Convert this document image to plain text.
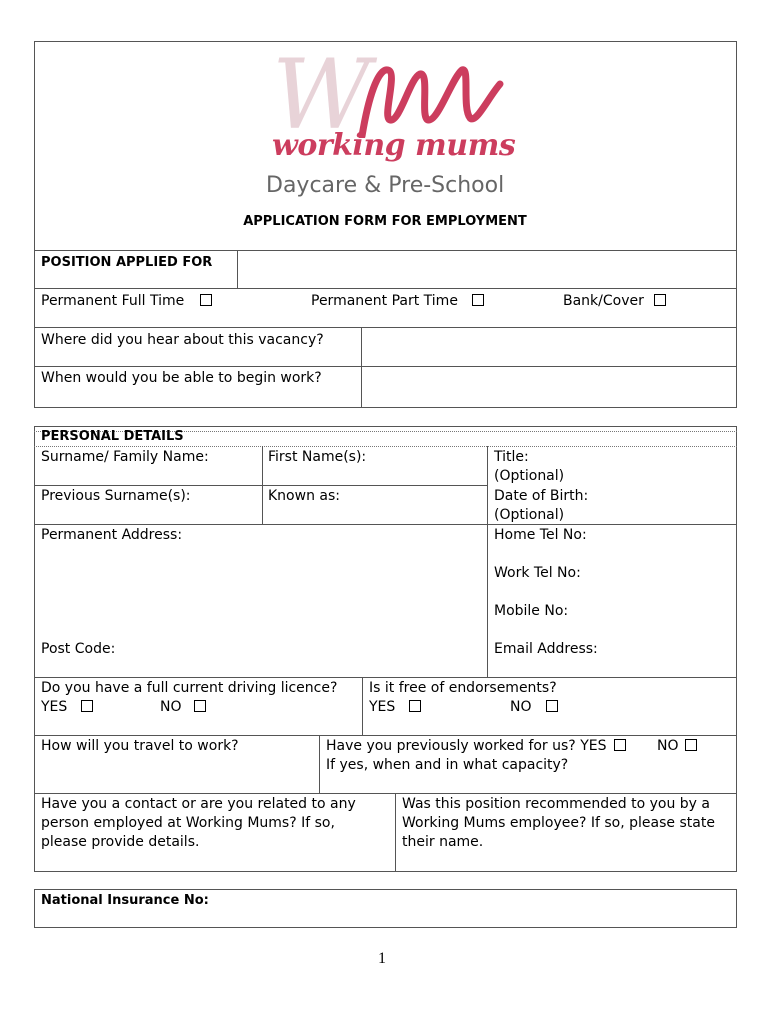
W
working mums
Daycare & Pre-School
APPLICATION FORM FOR EMPLOYMENT
POSITION APPLIED FOR
Permanent Full Time	Permanent Part Time	Bank/Cover
Where did you hear about this vacancy?
When would you be able to begin work?
PERSONAL DETAILS
Surname/ Family Name:	First Name(s):	Title:
(Optional)
Previous Surname(s):	Known as:	Date of Birth:
(Optional)
Permanent Address:	Home Tel No:
Work Tel No:
Mobile No:
Post Code:	Email Address:
Do you have a full current driving licence?
YES	NO
Is it free of endorsements?
YES	NO
How will you travel to work?	Have you previously worked for us? YES	NO
If yes, when and in what capacity?
Have you a contact or are you related to any
person employed at Working Mums? If so,
please provide details.
Was this position recommended to you by a
Working Mums employee? If so, please state
their name.
National Insurance No:
1
